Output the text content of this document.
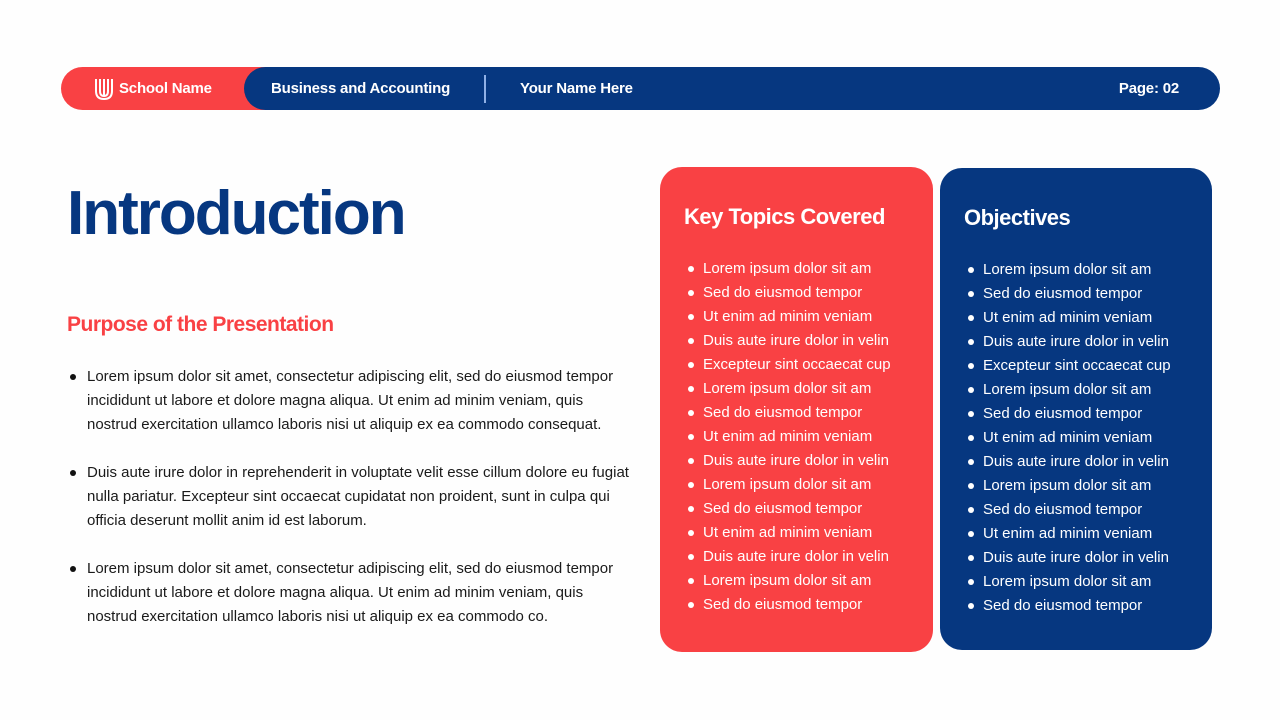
School Name	Business and Accounting	Your Name Here	Page: 02
Introduction
Purpose of the Presentation
Lorem ipsum dolor sit amet, consectetur adipiscing elit, sed do eiusmod tempor incididunt ut labore et dolore magna aliqua. Ut enim ad minim veniam, quis nostrud exercitation ullamco laboris nisi ut aliquip ex ea commodo consequat.
Duis aute irure dolor in reprehenderit in voluptate velit esse cillum dolore eu fugiat nulla pariatur. Excepteur sint occaecat cupidatat non proident, sunt in culpa qui officia deserunt mollit anim id est laborum.
Lorem ipsum dolor sit amet, consectetur adipiscing elit, sed do eiusmod tempor incididunt ut labore et dolore magna aliqua. Ut enim ad minim veniam, quis nostrud exercitation ullamco laboris nisi ut aliquip ex ea commodo co.
Key Topics Covered
Lorem ipsum dolor sit am
Sed do eiusmod tempor
Ut enim ad minim veniam
Duis aute irure dolor in velin
Excepteur sint occaecat cup
Lorem ipsum dolor sit am
Sed do eiusmod tempor
Ut enim ad minim veniam
Duis aute irure dolor in velin
Lorem ipsum dolor sit am
Sed do eiusmod tempor
Ut enim ad minim veniam
Duis aute irure dolor in velin
Lorem ipsum dolor sit am
Sed do eiusmod tempor
Objectives
Lorem ipsum dolor sit am
Sed do eiusmod tempor
Ut enim ad minim veniam
Duis aute irure dolor in velin
Excepteur sint occaecat cup
Lorem ipsum dolor sit am
Sed do eiusmod tempor
Ut enim ad minim veniam
Duis aute irure dolor in velin
Lorem ipsum dolor sit am
Sed do eiusmod tempor
Ut enim ad minim veniam
Duis aute irure dolor in velin
Lorem ipsum dolor sit am
Sed do eiusmod tempor
